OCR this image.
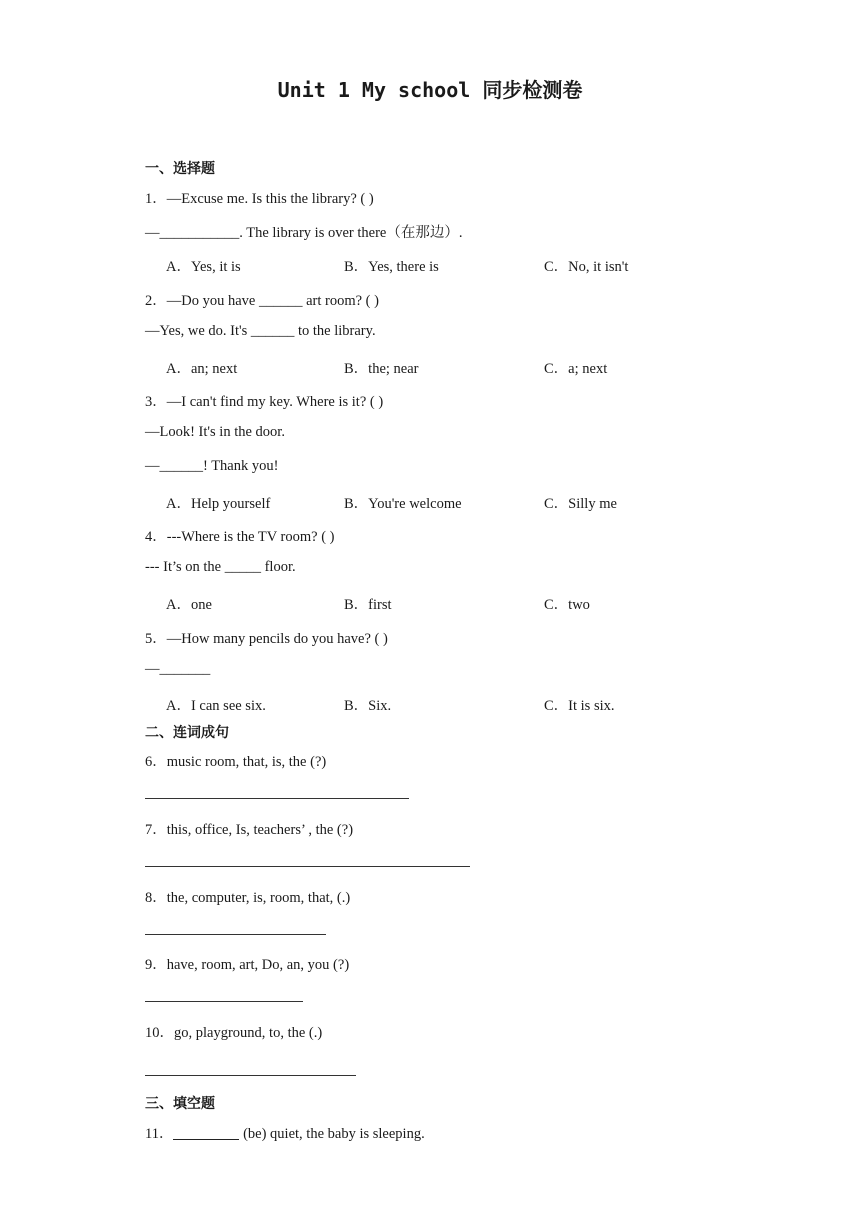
Unit 1 My school 同步检测卷
一、选择题
1．—Excuse me. Is this the library? ( )
—___________. The library is over there（在那边）.
A．Yes, it is	B．Yes, there is	C．No, it isn't
2．—Do you have ______ art room? ( )
—Yes, we do. It's ______ to the library.
A．an; next	B．the; near	C．a; next
3．—I can't find my key. Where is it? ( )
—Look! It's in the door.
—______! Thank you!
A．Help yourself	B．You're welcome	C．Silly me
4．---Where is the TV room? ( )
--- It’s on the _____ floor.
A．one	B．first	C．two
5．—How many pencils do you have? ( )
—_______
A．I can see six.	B．Six.	C．It is six.
二、连词成句
6．music room, that, is, the (?)
7．this, office, Is, teachers’ , the (?)
8．the, computer, is, room, that, (.)
9．have, room, art, Do, an, you (?)
10．go, playground, to, the (.)
三、填空题
11．	(be) quiet, the baby is sleeping.
